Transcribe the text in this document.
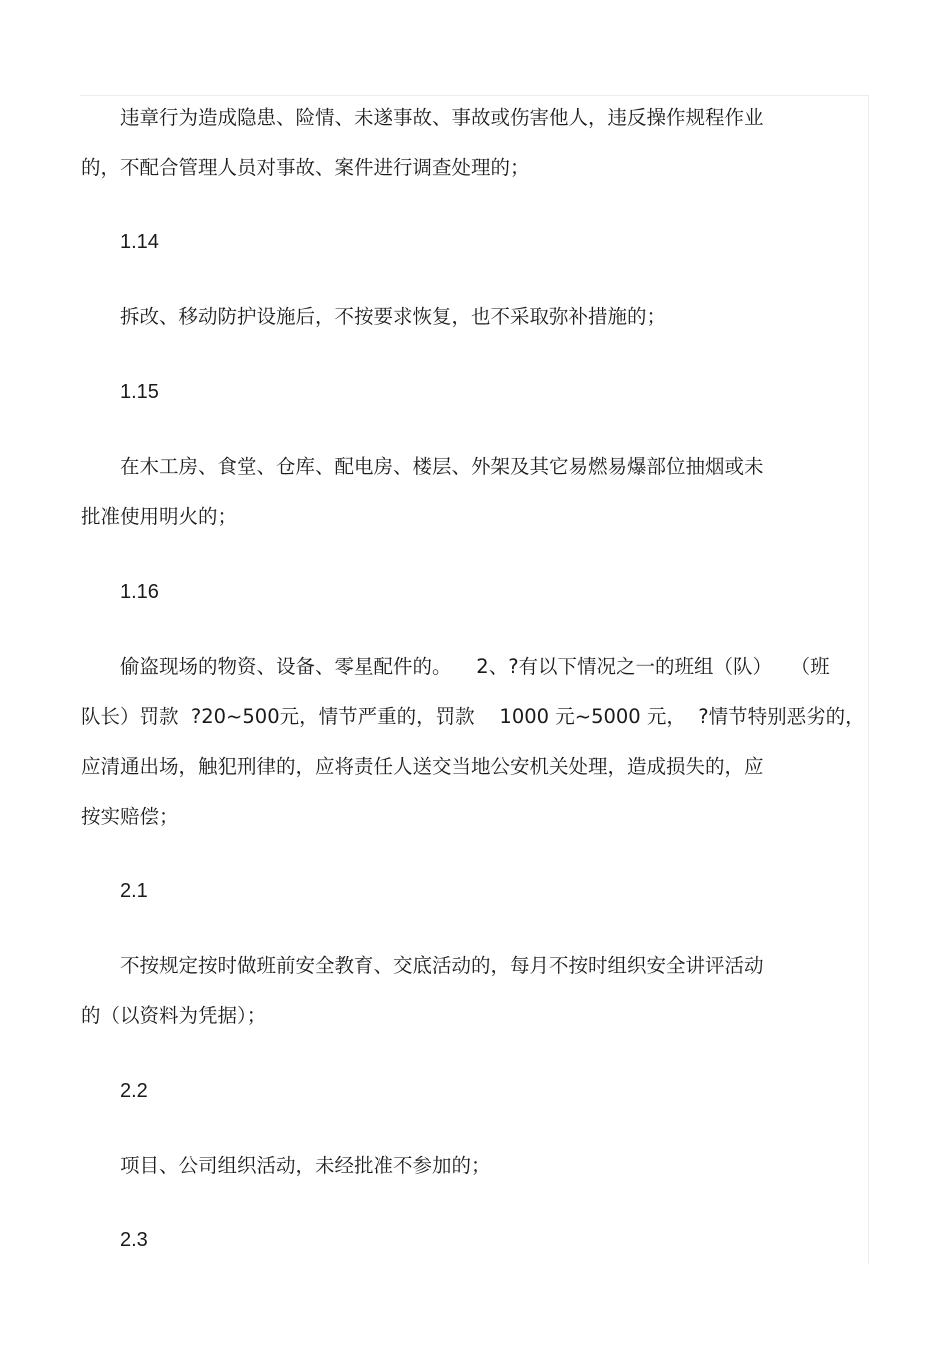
违章行为造成隐患、险情、未遂事故、事故或伤害他人，违反操作规程作业
的，不配合管理人员对事故、案件进行调查处理的；
1.14
拆改、移动防护设施后，不按要求恢复，也不采取弥补措施的；
1.15
在木工房、食堂、仓库、配电房、楼层、外架及其它易燃易爆部位抽烟或未
批准使用明火的；
1.16
偷盗现场的物资、设备、零星配件的。    2、?有以下情况之一的班组（队）   （班
队长）罚款  ?20~500元，情节严重的，罚款    1000 元~5000 元，  ?情节特别恶劣的，
应清通出场，触犯刑律的，应将责任人送交当地公安机关处理，造成损失的，应
按实赔偿；
2.1
不按规定按时做班前安全教育、交底活动的，每月不按时组织安全讲评活动
的（以资料为凭据）；
2.2
项目、公司组织活动，未经批准不参加的；
2.3
